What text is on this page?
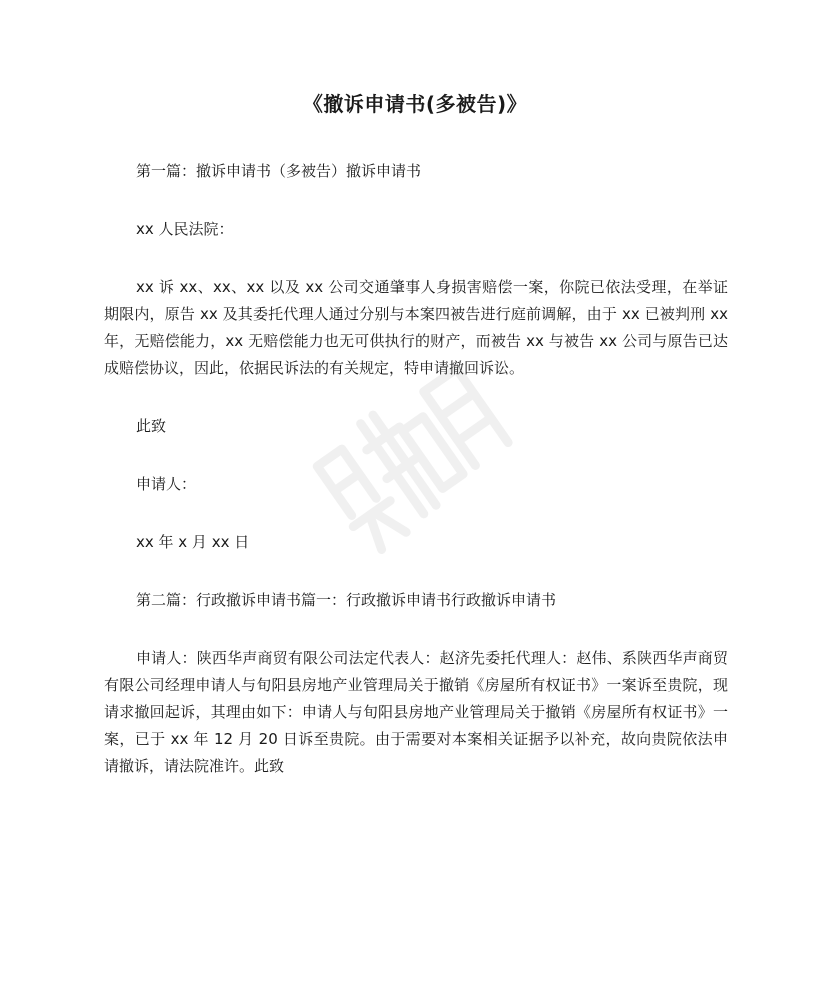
《撤诉申请书(多被告)》

第一篇：撤诉申请书（多被告）撤诉申请书

xx 人民法院：

xx 诉 xx、xx、xx 以及 xx 公司交通肇事人身损害赔偿一案，你院已依法受理，在举证期限内，原告 xx 及其委托代理人通过分别与本案四被告进行庭前调解，由于 xx 已被判刑 xx 年，无赔偿能力，xx 无赔偿能力也无可供执行的财产，而被告 xx 与被告 xx 公司与原告已达成赔偿协议，因此，依据民诉法的有关规定，特申请撤回诉讼。

此致

申请人：

xx 年 x 月 xx 日

第二篇：行政撤诉申请书篇一：行政撤诉申请书行政撤诉申请书

申请人：陕西华声商贸有限公司法定代表人：赵济先委托代理人：赵伟、系陕西华声商贸有限公司经理申请人与旬阳县房地产业管理局关于撤销《房屋所有权证书》一案诉至贵院，现请求撤回起诉，其理由如下：申请人与旬阳县房地产业管理局关于撤销《房屋所有权证书》一案，已于 xx 年 12 月 20 日诉至贵院。由于需要对本案相关证据予以补充，故向贵院依法申请撤诉，请法院准许。此致
